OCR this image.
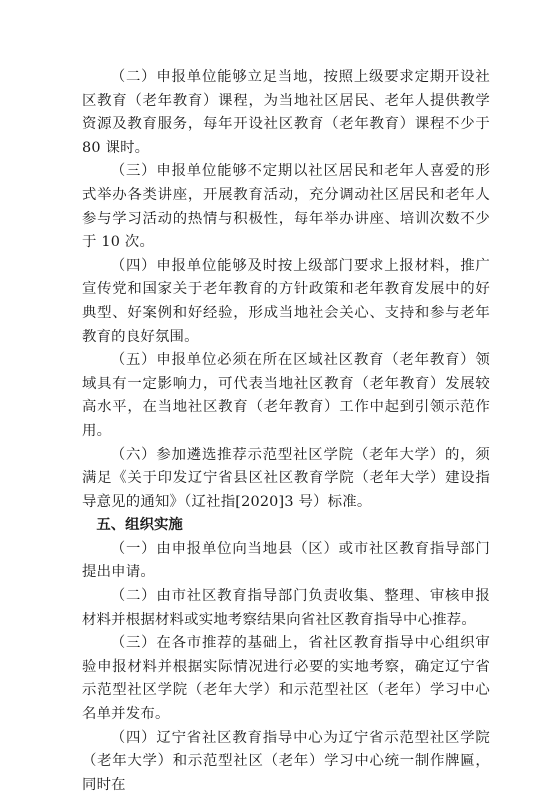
（二）申报单位能够立足当地，按照上级要求定期开设社区教育（老年教育）课程，为当地社区居民、老年人提供教学资源及教育服务，每年开设社区教育（老年教育）课程不少于 80 课时。

（三）申报单位能够不定期以社区居民和老年人喜爱的形式举办各类讲座，开展教育活动，充分调动社区居民和老年人参与学习活动的热情与积极性，每年举办讲座、培训次数不少于 10 次。

（四）申报单位能够及时按上级部门要求上报材料，推广宣传党和国家关于老年教育的方针政策和老年教育发展中的好典型、好案例和好经验，形成当地社会关心、支持和参与老年教育的良好氛围。

（五）申报单位必须在所在区域社区教育（老年教育）领域具有一定影响力，可代表当地社区教育（老年教育）发展较高水平，在当地社区教育（老年教育）工作中起到引领示范作用。

（六）参加遴选推荐示范型社区学院（老年大学）的，须满足《关于印发辽宁省县区社区教育学院（老年大学）建设指导意见的通知》（辽社指[2020]3 号）标准。

五、组织实施

（一）由申报单位向当地县（区）或市社区教育指导部门提出申请。

（二）由市社区教育指导部门负责收集、整理、审核申报材料并根据材料或实地考察结果向省社区教育指导中心推荐。

（三）在各市推荐的基础上，省社区教育指导中心组织审验申报材料并根据实际情况进行必要的实地考察，确定辽宁省示范型社区学院（老年大学）和示范型社区（老年）学习中心名单并发布。

（四）辽宁省社区教育指导中心为辽宁省示范型社区学院（老年大学）和示范型社区（老年）学习中心统一制作牌匾，同时在
